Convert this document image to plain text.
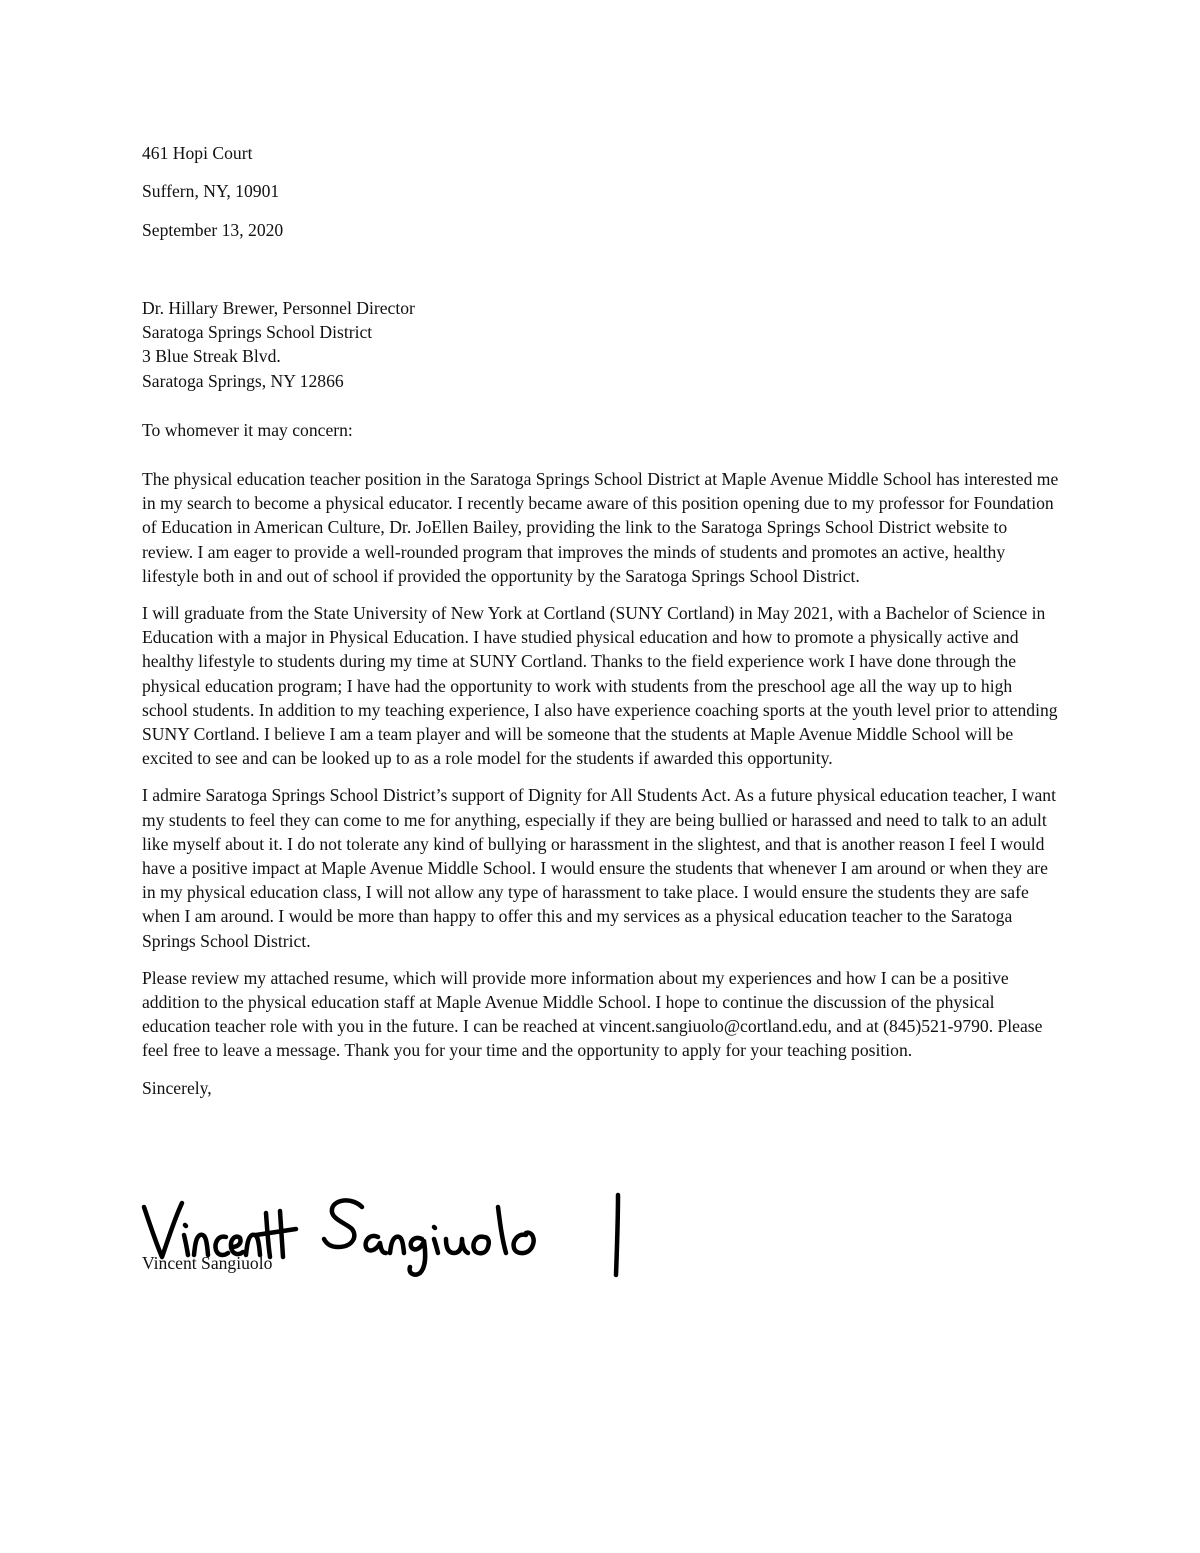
461 Hopi Court
Suffern, NY, 10901
September 13, 2020
Dr. Hillary Brewer, Personnel Director
Saratoga Springs School District
3 Blue Streak Blvd.
Saratoga Springs, NY 12866
To whomever it may concern:

The physical education teacher position in the Saratoga Springs School District at Maple Avenue Middle School has interested me in my search to become a physical educator. I recently became aware of this position opening due to my professor for Foundation of Education in American Culture, Dr. JoEllen Bailey, providing the link to the Saratoga Springs School District website to review. I am eager to provide a well-rounded program that improves the minds of students and promotes an active, healthy lifestyle both in and out of school if provided the opportunity by the Saratoga Springs School District.

I will graduate from the State University of New York at Cortland (SUNY Cortland) in May 2021, with a Bachelor of Science in Education with a major in Physical Education. I have studied physical education and how to promote a physically active and healthy lifestyle to students during my time at SUNY Cortland. Thanks to the field experience work I have done through the physical education program; I have had the opportunity to work with students from the preschool age all the way up to high school students. In addition to my teaching experience, I also have experience coaching sports at the youth level prior to attending SUNY Cortland. I believe I am a team player and will be someone that the students at Maple Avenue Middle School will be excited to see and can be looked up to as a role model for the students if awarded this opportunity.

I admire Saratoga Springs School District’s support of Dignity for All Students Act. As a future physical education teacher, I want my students to feel they can come to me for anything, especially if they are being bullied or harassed and need to talk to an adult like myself about it. I do not tolerate any kind of bullying or harassment in the slightest, and that is another reason I feel I would have a positive impact at Maple Avenue Middle School. I would ensure the students that whenever I am around or when they are in my physical education class, I will not allow any type of harassment to take place. I would ensure the students they are safe when I am around. I would be more than happy to offer this and my services as a physical education teacher to the Saratoga Springs School District.

Please review my attached resume, which will provide more information about my experiences and how I can be a positive addition to the physical education staff at Maple Avenue Middle School. I hope to continue the discussion of the physical education teacher role with you in the future. I can be reached at vincent.sangiuolo@cortland.edu, and at (845)521-9790. Please feel free to leave a message. Thank you for your time and the opportunity to apply for your teaching position.

Sincerely,

Vincent Sangiuolo
